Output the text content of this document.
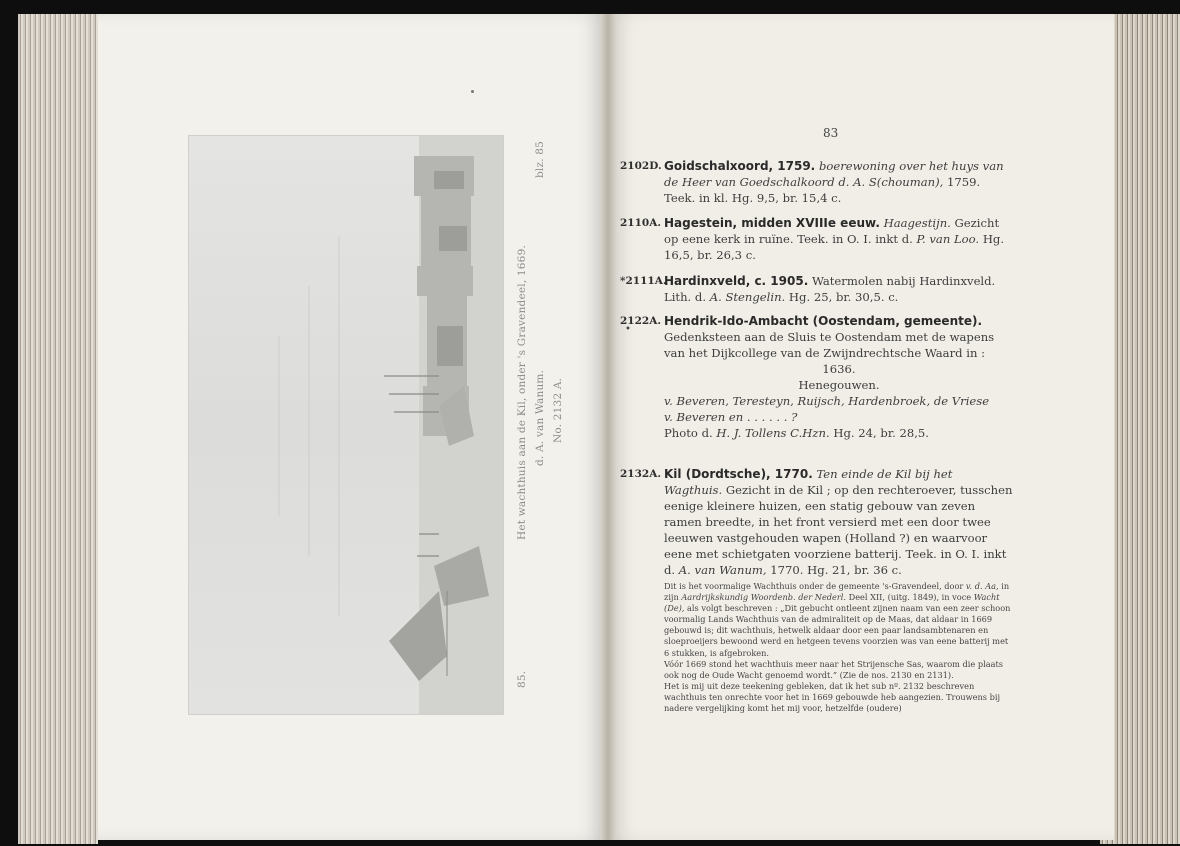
85.
Het wachthuis aan de Kil, onder 's Gravendeel, 1669. d. A. van Wanum. No. 2132 A.
blz. 85
83
2102D. Goidschalxoord, 1759. boerewoning over het huys van de Heer van Goedschalkoord d. A. S(chouman), 1759. Teek. in kl. Hg. 9,5, br. 15,4 c.
2110A. Hagestein, midden XVIIIe eeuw. Haagestijn. Gezicht op eene kerk in ruïne. Teek. in O. I. inkt d. P. van Loo. Hg. 16,5, br. 26,3 c.
*2111A.
Hardinxveld, c. 1905. Watermolen nabij Hardinxveld. Lith. d. A. Stengelin. Hg. 25, br. 30,5. c.
•
2122A. Hendrik-Ido-Ambacht (Oostendam, gemeente). Gedenksteen aan de Sluis te Oostendam met de wapens van het Dijkcollege van de Zwijndrechtsche Waard in :
1636.
Henegouwen.
v. Beveren, Teresteyn, Ruijsch, Hardenbroek, de Vriese
v. Beveren en . . . . . . ?
Photo d. H. J. Tollens C.Hzn. Hg. 24, br. 28,5.
2132A. Kil (Dordtsche), 1770. Ten einde de Kil bij het Wagthuis. Gezicht in de Kil ; op den rechteroever, tusschen eenige kleinere huizen, een statig gebouw van zeven ramen breedte, in het front versierd met een door twee leeuwen vastgehouden wapen (Holland ?) en waarvoor eene met schietgaten voorziene batterij. Teek. in O. I. inkt d. A. van Wanum, 1770. Hg. 21, br. 36 c.
Dit is het voormalige Wachthuis onder de gemeente 's-Gravendeel, door v. d. Aa, in zijn Aardrijkskundig Woordenb. der Nederl. Deel XII, (uitg. 1849), in voce Wacht (De), als volgt beschreven : „Dit gebucht ontleent zijnen naam van een zeer schoon voormalig Lands Wachthuis van de admiraliteit op de Maas, dat aldaar in 1669 gebouwd is; dit wachthuis, hetwelk aldaar door een paar landsambtenaren en sloeproeijers bewoond werd en hetgeen tevens voorzien was van eene batterij met 6 stukken, is afgebroken.
Vóór 1669 stond het wachthuis meer naar het Strijensche Sas, waarom die plaats ook nog de Oude Wacht genoemd wordt.” (Zie de nos. 2130 en 2131).
Het is mij uit deze teekening gebleken, dat ik het sub nº. 2132 beschreven wachthuis ten onrechte voor het in 1669 gebouwde heb aangezien. Trouwens bij nadere vergelijking komt het mij voor, hetzelfde (oudere)
